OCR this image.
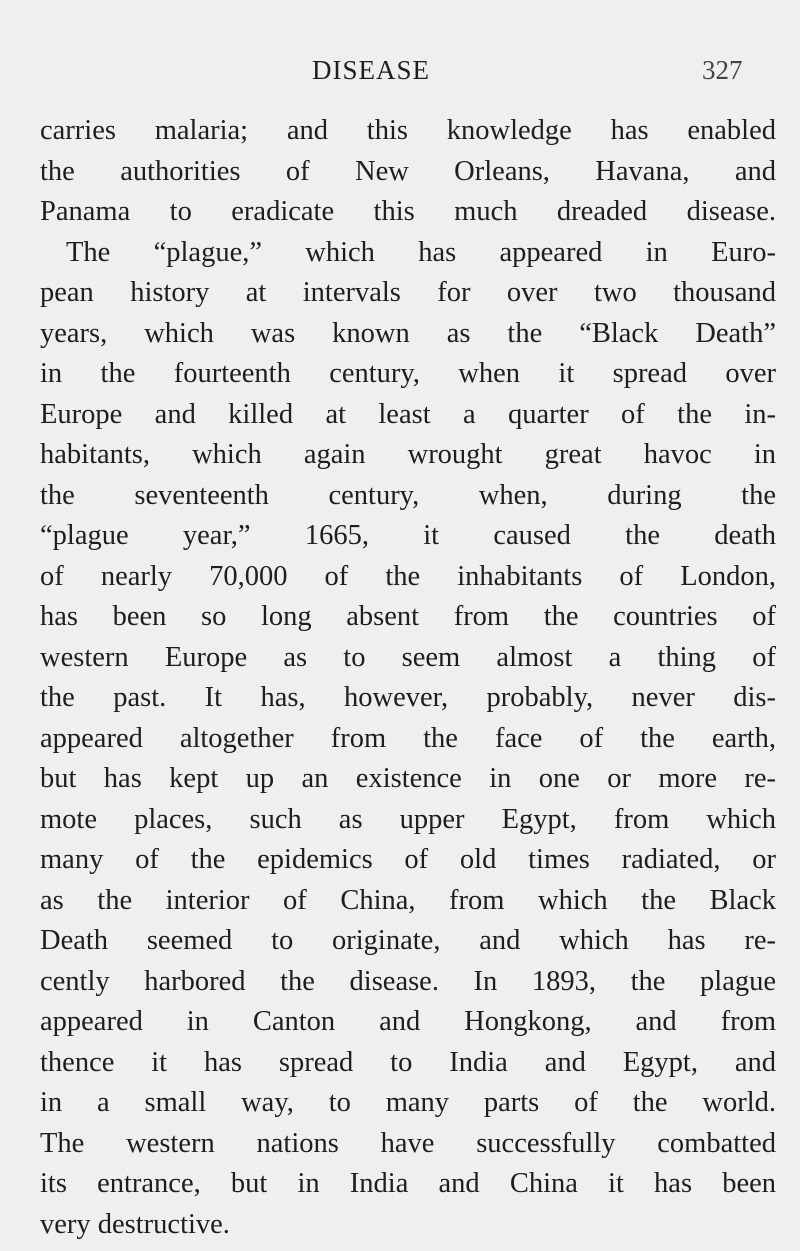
DISEASE	327
carries malaria; and this knowledge has enabled
the authorities of New Orleans, Havana, and
Panama to eradicate this much dreaded disease.
The “plague,” which has appeared in Euro-
pean history at intervals for over two thousand
years, which was known as the “Black Death”
in the fourteenth century, when it spread over
Europe and killed at least a quarter of the in-
habitants, which again wrought great havoc in
the seventeenth century, when, during the
“plague year,” 1665, it caused the death
of nearly 70,000 of the inhabitants of London,
has been so long absent from the countries of
western Europe as to seem almost a thing of
the past. It has, however, probably, never dis-
appeared altogether from the face of the earth,
but has kept up an existence in one or more re-
mote places, such as upper Egypt, from which
many of the epidemics of old times radiated, or
as the interior of China, from which the Black
Death seemed to originate, and which has re-
cently harbored the disease. In 1893, the plague
appeared in Canton and Hongkong, and from
thence it has spread to India and Egypt, and
in a small way, to many parts of the world.
The western nations have successfully combatted
its entrance, but in India and China it has been
very destructive.
